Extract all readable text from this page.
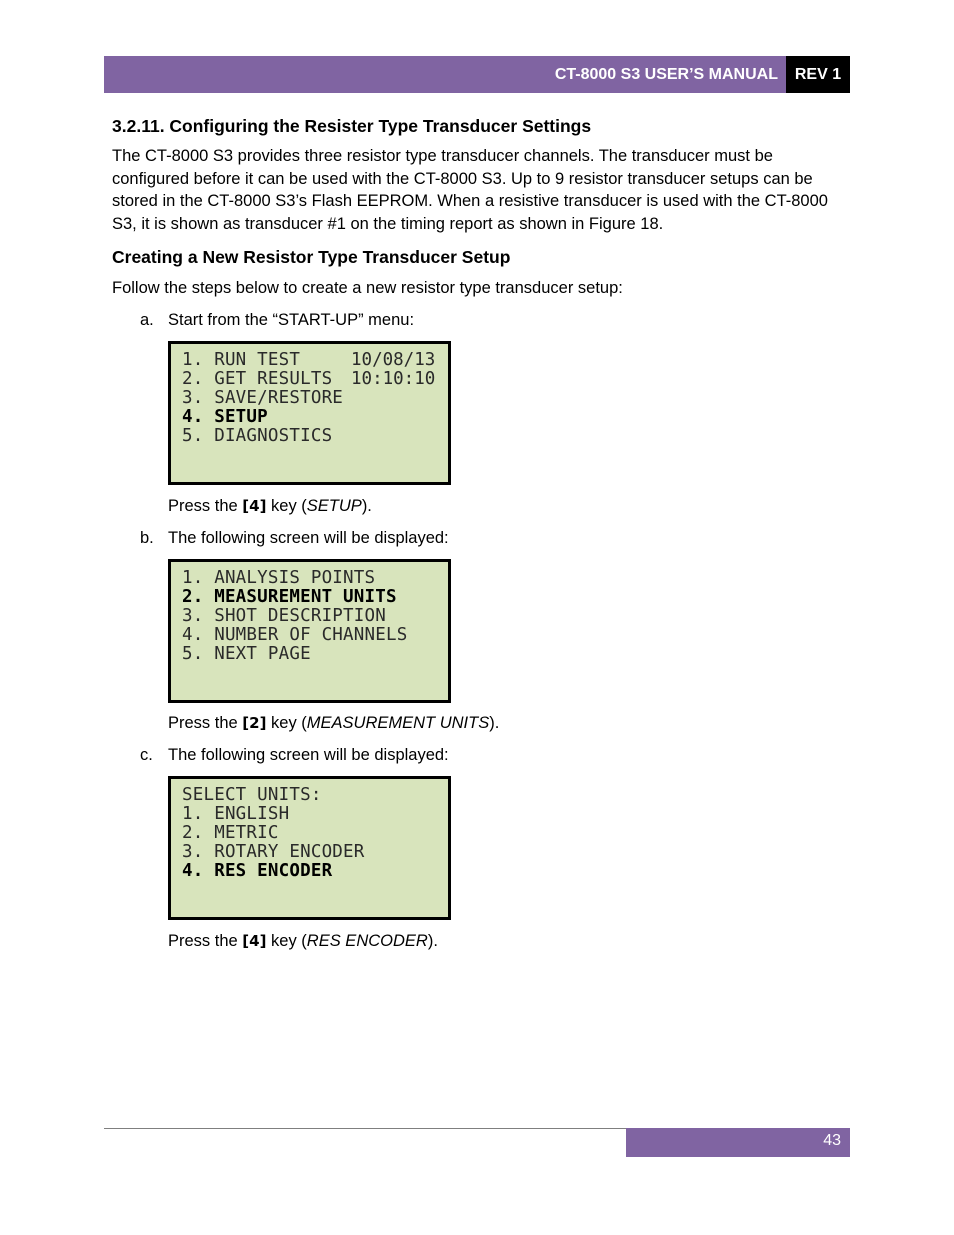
CT-8000 S3 USER’S MANUAL	REV 1
3.2.11. Configuring the Resister Type Transducer Settings
The CT-8000 S3 provides three resistor type transducer channels. The transducer must be
configured before it can be used with the CT-8000 S3. Up to 9 resistor transducer setups can be
stored in the CT-8000 S3’s Flash EEPROM. When a resistive transducer is used with the CT-8000
S3, it is shown as transducer #1 on the timing report as shown in Figure 18.
Creating a New Resistor Type Transducer Setup
Follow the steps below to create a new resistor type transducer setup:
a. Start from the “START-UP” menu:
1. RUN TEST	10/08/13
2. GET RESULTS 10:10:10
3. SAVE/RESTORE
4. SETUP
5. DIAGNOSTICS
Press the [4] key (SETUP).
b. The following screen will be displayed:
1. ANALYSIS POINTS
2. MEASUREMENT UNITS
3. SHOT DESCRIPTION
4. NUMBER OF CHANNELS
5. NEXT PAGE
Press the [2] key (MEASUREMENT UNITS).
c. The following screen will be displayed:
SELECT UNITS:
1. ENGLISH
2. METRIC
3. ROTARY ENCODER
4. RES ENCODER
Press the [4] key (RES ENCODER).
43
